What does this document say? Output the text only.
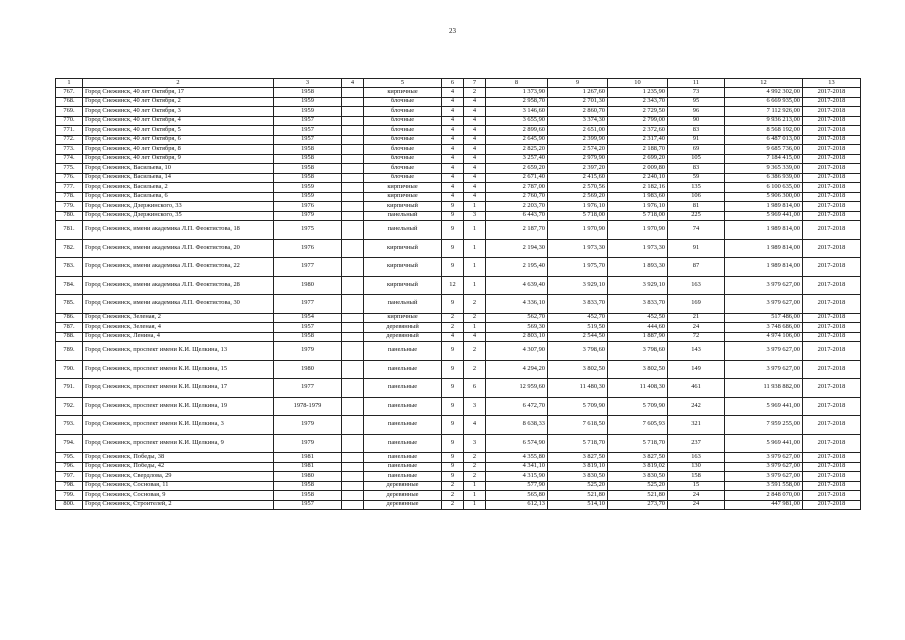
23
1	2	3	4	5	6	7	8	9	10	11	12	13
767.	Город Снежинск, 40 лет Октября, 17	1958		кирпичные	4	2	1 373,90	1 267,60	1 235,90	73	4 992 302,00	2017-2018
768.	Город Снежинск, 40 лет Октября, 2	1959		блочные	4	4	2 958,70	2 701,30	2 343,70	95	6 669 935,00	2017-2018
769.	Город Снежинск, 40 лет Октября, 3	1959		блочные	4	4	3 146,60	2 860,70	2 729,50	96	7 112 926,00	2017-2018
770.	Город Снежинск, 40 лет Октября, 4	1957		блочные	4	4	3 655,90	3 374,30	2 799,00	90	9 936 213,00	2017-2018
771.	Город Снежинск, 40 лет Октября, 5	1957		блочные	4	4	2 899,60	2 651,00	2 372,60	83	8 568 192,00	2017-2018
772.	Город Снежинск, 40 лет Октября, 6	1957		блочные	4	4	2 645,90	2 399,90	2 317,40	91	6 487 013,00	2017-2018
773.	Город Снежинск, 40 лет Октября, 8	1958		блочные	4	4	2 825,20	2 574,20	2 188,70	69	9 685 736,00	2017-2018
774.	Город Снежинск, 40 лет Октября, 9	1958		блочные	4	4	3 257,40	2 979,90	2 699,20	105	7 184 415,00	2017-2018
775.	Город Снежинск, Васильева, 10	1958		блочные	4	4	2 659,20	2 397,20	2 009,80	83	9 365 339,00	2017-2018
776.	Город Снежинск, Васильева, 14	1958		блочные	4	4	2 671,40	2 415,60	2 240,10	59	6 386 939,00	2017-2018
777.	Город Снежинск, Васильева, 2	1959		кирпичные	4	4	2 787,00	2 570,56	2 182,16	135	6 100 635,00	2017-2018
778.	Город Снежинск, Васильева, 6	1959		кирпичные	4	4	2 760,70	2 569,20	1 983,60	106	5 906 300,00	2017-2018
779.	Город Снежинск, Дзержинского, 33	1976		кирпичный	9	1	2 203,70	1 976,10	1 976,10	81	1 989 814,00	2017-2018
780.	Город Снежинск, Дзержинского, 35	1979		панельный	9	3	6 443,70	5 718,00	5 718,00	225	5 969 441,00	2017-2018
781.	Город Снежинск, имени академика Л.П. Феоктистова, 18	1975		панельный	9	1	2 187,70	1 970,90	1 970,90	74	1 989 814,00	2017-2018
782.	Город Снежинск, имени академика Л.П. Феоктистова, 20	1976		кирпичный	9	1	2 194,30	1 973,30	1 973,30	91	1 989 814,00	2017-2018
783.	Город Снежинск, имени академика Л.П. Феоктистова, 22	1977		кирпичный	9	1	2 195,40	1 975,70	1 893,30	87	1 989 814,00	2017-2018
784.	Город Снежинск, имени академика Л.П. Феоктистова, 28	1980		кирпичный	12	1	4 639,40	3 929,10	3 929,10	163	3 979 627,00	2017-2018
785.	Город Снежинск, имени академика Л.П. Феоктистова, 30	1977		панельный	9	2	4 336,10	3 833,70	3 833,70	169	3 979 627,00	2017-2018
786.	Город Снежинск, Зеленая, 2	1954		кирпичные	2	2	562,70	452,70	452,50	21	517 486,00	2017-2018
787.	Город Снежинск, Зеленая, 4	1957		деревянный	2	1	569,30	519,50	444,60	24	3 748 686,00	2017-2018
788.	Город Снежинск, Ленина, 4	1958		деревянный	4	4	2 803,10	2 544,50	1 887,90	72	4 974 106,00	2017-2018
789.	Город Снежинск, проспект имени К.И. Щелкина, 13	1979		панельные	9	2	4 307,90	3 798,60	3 798,60	143	3 979 627,00	2017-2018
790.	Город Снежинск, проспект имени К.И. Щелкина, 15	1980		панельные	9	2	4 294,20	3 802,50	3 802,50	149	3 979 627,00	2017-2018
791.	Город Снежинск, проспект имени К.И. Щелкина, 17	1977		панельные	9	6	12 959,60	11 480,30	11 408,30	461	11 938 882,00	2017-2018
792.	Город Снежинск, проспект имени К.И. Щелкина, 19	1978-1979		панельные	9	3	6 472,70	5 709,90	5 709,90	242	5 969 441,00	2017-2018
793.	Город Снежинск, проспект имени К.И. Щелкина, 3	1979		панельные	9	4	8 638,33	7 618,50	7 605,93	321	7 959 255,00	2017-2018
794.	Город Снежинск, проспект имени К.И. Щелкина, 9	1979		панельные	9	3	6 574,90	5 718,70	5 718,70	237	5 969 441,00	2017-2018
795.	Город Снежинск, Победы, 38	1981		панельные	9	2	4 355,80	3 827,50	3 827,50	163	3 979 627,00	2017-2018
796.	Город Снежинск, Победы, 42	1981		панельные	9	2	4 341,10	3 819,10	3 819,02	130	3 979 627,00	2017-2018
797.	Город Снежинск, Свердлова, 29	1980		панельные	9	2	4 315,90	3 830,50	3 830,50	158	3 979 627,00	2017-2018
798.	Город Снежинск, Сосновая, 11	1958		деревянные	2	1	577,90	525,20	525,20	15	3 591 558,00	2017-2018
799.	Город Снежинск, Сосновая, 9	1958		деревянные	2	1	565,80	521,80	521,80	24	2 848 070,00	2017-2018
800.	Город Снежинск, Строителей, 2	1957		деревянные	2	1	612,13	514,10	273,70	24	447 981,00	2017-2018
